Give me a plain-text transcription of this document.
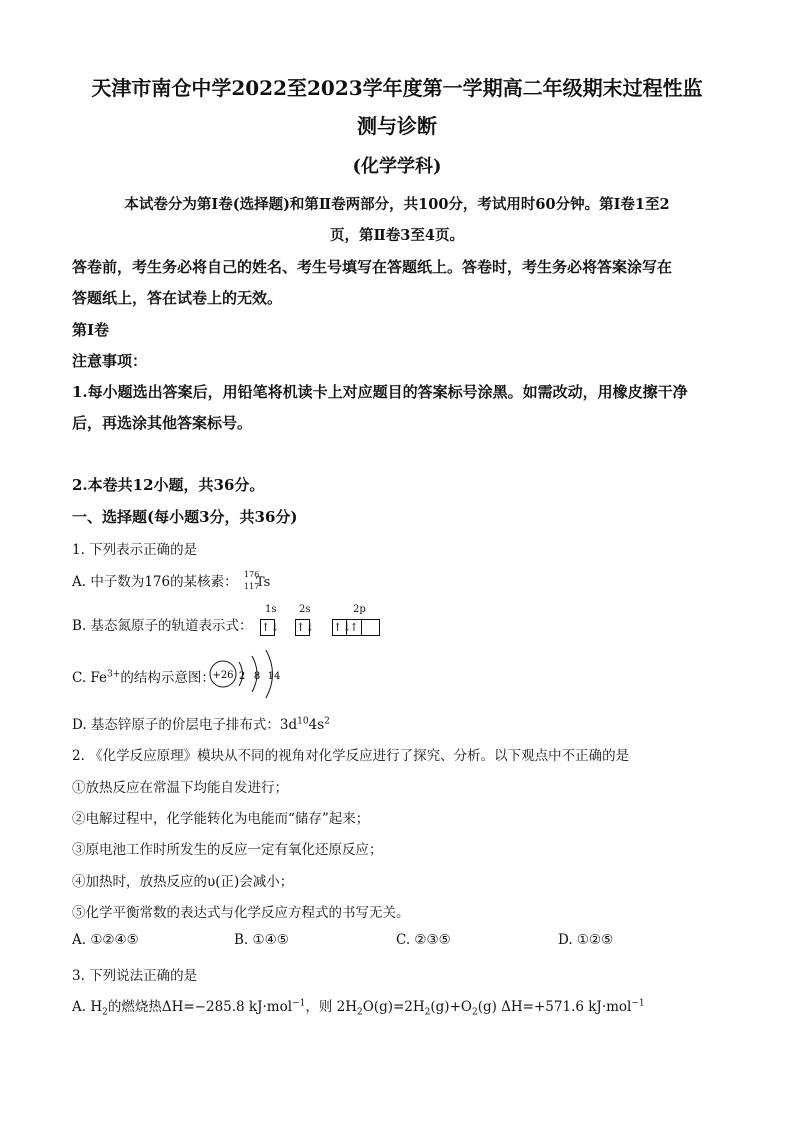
天津市南仓中学2022至2023学年度第一学期高二年级期末过程性监
测与诊断
(化学学科)
本试卷分为第Ⅰ卷(选择题)和第Ⅱ卷两部分，共100分，考试用时60分钟。第Ⅰ卷1至2
页，第Ⅱ卷3至4页。
答卷前，考生务必将自己的姓名、考生号填写在答题纸上。答卷时，考生务必将答案涂写在
答题纸上，答在试卷上的无效。
第Ⅰ卷
注意事项：
1.每小题选出答案后，用铅笔将机读卡上对应题目的答案标号涂黑。如需改动，用橡皮擦干净
后，再选涂其他答案标号。
2.本卷共12小题，共36分。
一、选择题(每小题3分，共36分)
1. 下列表示正确的是
A. 中子数为176的某核素： 176
117
Ts
B. 基态氮原子的轨道表示式：
1s 2s	2p
↑↓ ↑↓ ↑↓
↑
C. $Fe^{3+}$的结构示意图：
+26 2 8 14
D. 基态锌原子的价层电子排布式：$3d^{10}4s^2$
2. 《化学反应原理》模块从不同的视角对化学反应进行了探究、分析。以下观点中不正确的是
①放热反应在常温下均能自发进行；
②电解过程中，化学能转化为电能而“储存”起来；
③原电池工作时所发生的反应一定有氧化还原反应；
④加热时，放热反应的υ(正)会减小；
⑤化学平衡常数的表达式与化学反应方程式的书写无关。
A. ①②④⑤	B. ①④⑤	C. ②③⑤	D. ①②⑤
3. 下列说法正确的是
A. $H_2$的燃烧热ΔH=−285.8 kJ·mol$^{-1}$，则 $2H_2O(g)=2H_2(g)+O_2(g)$ ΔH=+571.6 kJ·mol$^{-1}$
